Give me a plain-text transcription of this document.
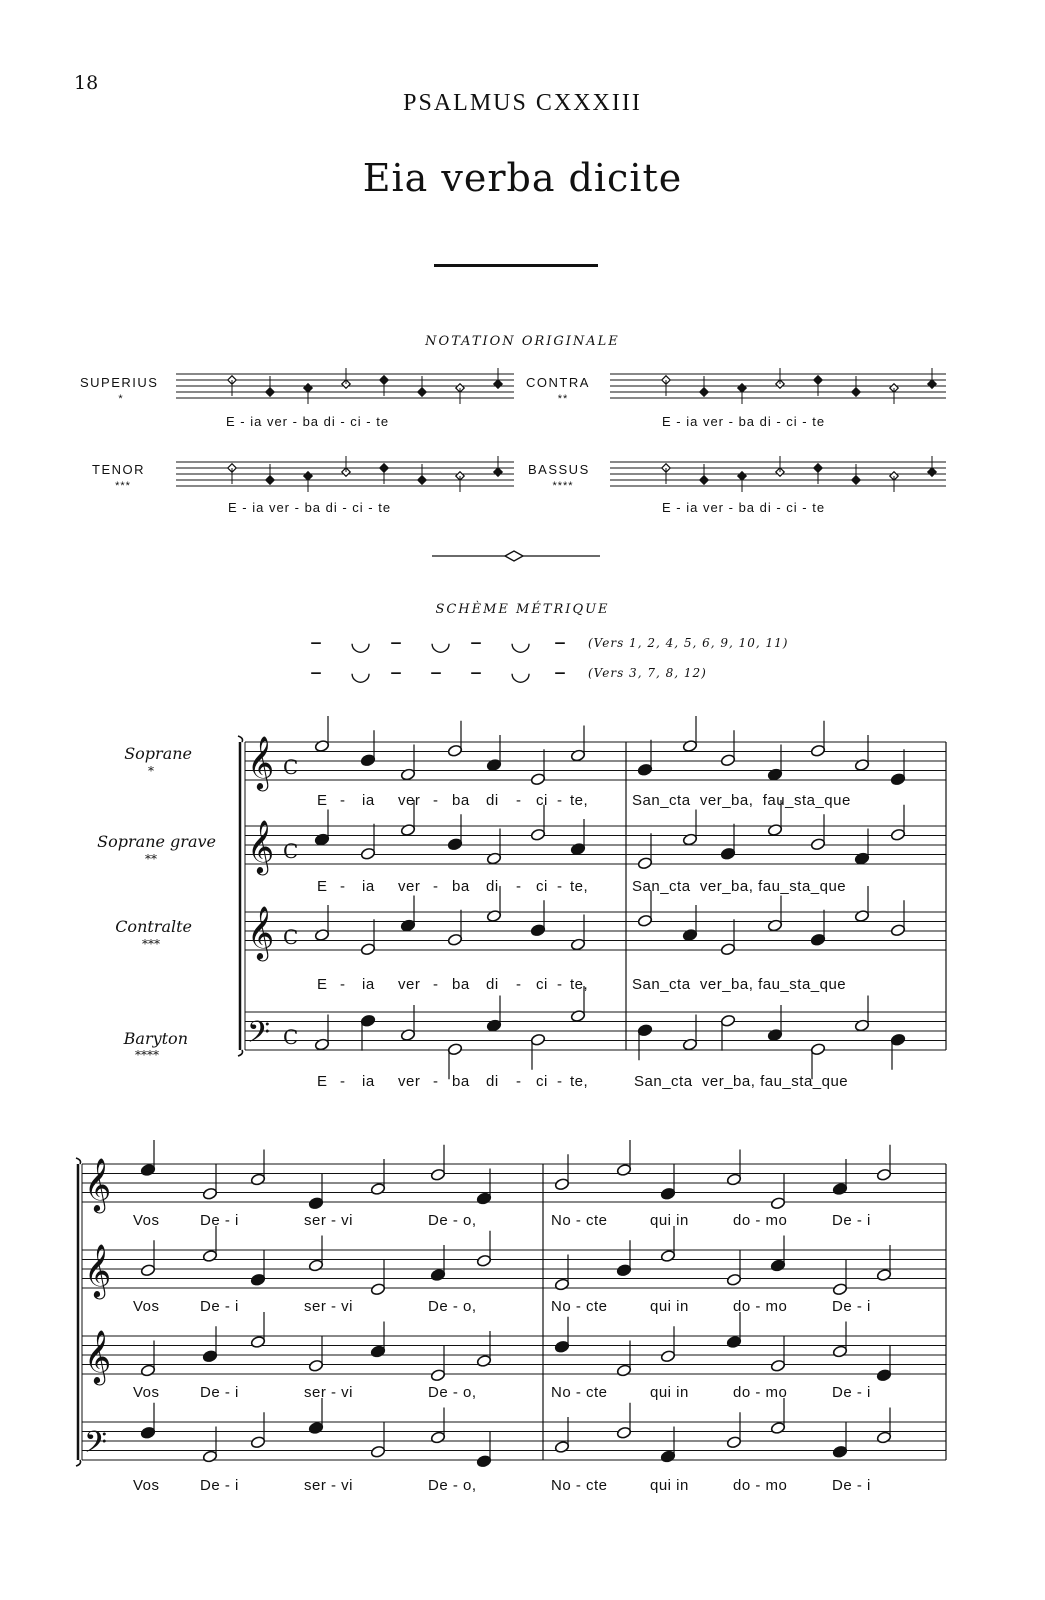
18
PSALMUS CXXXIII
Eia verba dicite
NOTATION ORIGINALE
SUPERIUS
*
CONTRA
**
TENOR
***
BASSUS
****
E - ia ver - ba di - ci - te	E - ia ver - ba di - ci - te
E - ia ver - ba di - ci - te	E - ia ver - ba di - ci - te
SCHÈME MÉTRIQUE
– ◡ – ◡ – ◡ – (Vers 1, 2, 4, 5, 6, 9, 10, 11)
– ◡ – – – ◡ – (Vers 3, 7, 8, 12)
Soprane
*
Soprane grave
**
Contralte
***
Baryton
****
E - ia ver - ba di - ci - te,	San_cta  ver_ba,  fau_sta_que
E - ia ver - ba di - ci - te,	San_cta  ver_ba, fau_sta_que
E - ia ver - ba di - ci - te,	San_cta  ver_ba, fau_sta_que
E - ia ver - ba di - ci - te,	San_cta  ver_ba, fau_sta_que
Vos	De - i	ser - vi	De - o,	No - cte	qui in	do - mo	De - i
Vos	De - i	ser - vi	De - o,	No - cte	qui in	do - mo	De - i
Vos	De - i	ser - vi	De - o,	No - cte	qui in	do - mo	De - i
Vos	De - i	ser - vi	De - o,	No - cte	qui in	do - mo	De - i
𝄞 C
𝄞 C
𝄞 C
𝄢 C
𝄞
𝄞
𝄞
𝄢
